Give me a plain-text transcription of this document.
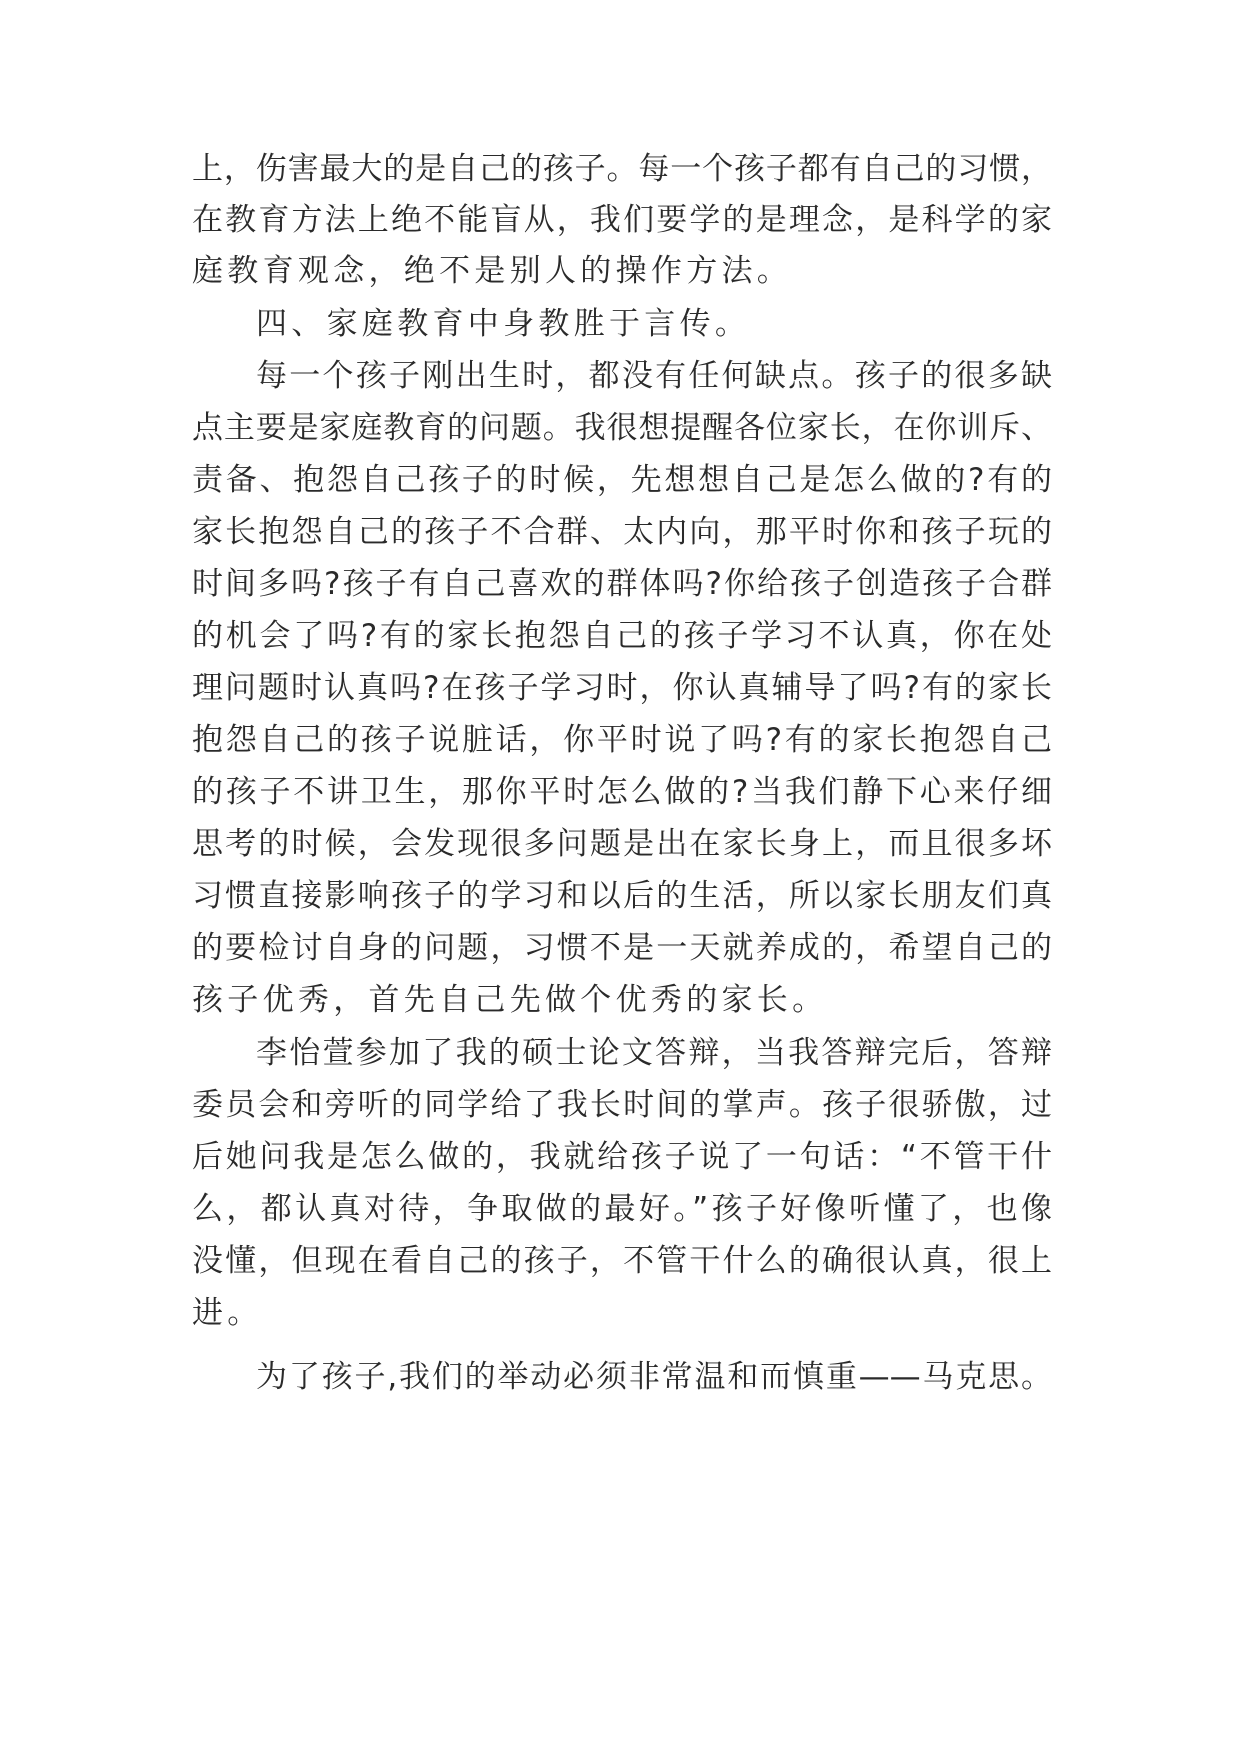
上，伤害最大的是自己的孩子。每一个孩子都有自己的习惯，
在教育方法上绝不能盲从，我们要学的是理念，是科学的家
庭教育观念，绝不是别人的操作方法。
四、家庭教育中身教胜于言传。
每一个孩子刚出生时，都没有任何缺点。孩子的很多缺
点主要是家庭教育的问题。我很想提醒各位家长，在你训斥、
责备、抱怨自己孩子的时候，先想想自己是怎么做的?有的
家长抱怨自己的孩子不合群、太内向，那平时你和孩子玩的
时间多吗?孩子有自己喜欢的群体吗?你给孩子创造孩子合群
的机会了吗?有的家长抱怨自己的孩子学习不认真，你在处
理问题时认真吗?在孩子学习时，你认真辅导了吗?有的家长
抱怨自己的孩子说脏话，你平时说了吗?有的家长抱怨自己
的孩子不讲卫生，那你平时怎么做的?当我们静下心来仔细
思考的时候，会发现很多问题是出在家长身上，而且很多坏
习惯直接影响孩子的学习和以后的生活，所以家长朋友们真
的要检讨自身的问题，习惯不是一天就养成的，希望自己的
孩子优秀，首先自己先做个优秀的家长。
李怡萱参加了我的硕士论文答辩，当我答辩完后，答辩
委员会和旁听的同学给了我长时间的掌声。孩子很骄傲，过
后她问我是怎么做的，我就给孩子说了一句话：“不管干什
么，都认真对待，争取做的最好。”孩子好像听懂了，也像
没懂，但现在看自己的孩子，不管干什么的确很认真，很上
进。
为了孩子,我们的举动必须非常温和而慎重——马克思。
